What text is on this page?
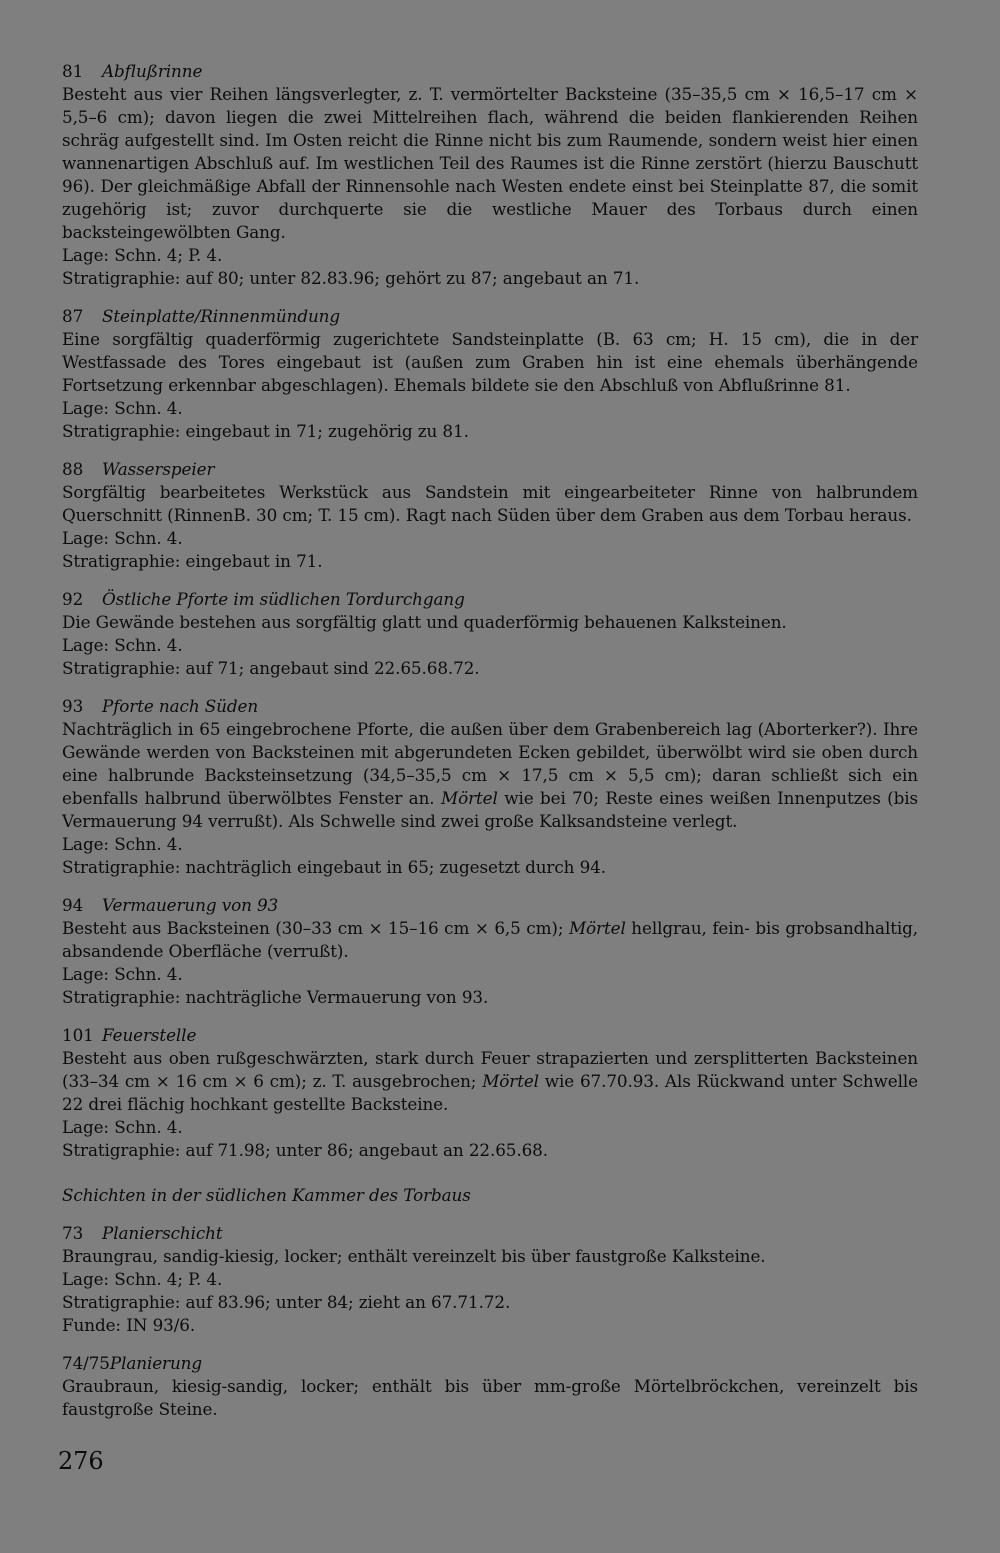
81	Abflußrinne
Besteht aus vier Reihen längsverlegter, z. T. vermörtelter Backsteine (35–35,5 cm × 16,5–17 cm × 5,5–6 cm); davon liegen die zwei Mittelreihen flach, während die beiden flankierenden Reihen schräg aufgestellt sind. Im Osten reicht die Rinne nicht bis zum Raumende, sondern weist hier einen wannenartigen Abschluß auf. Im westlichen Teil des Raumes ist die Rinne zerstört (hierzu Bauschutt 96). Der gleichmäßige Abfall der Rinnensohle nach Westen endete einst bei Steinplatte 87, die somit zugehörig ist; zuvor durchquerte sie die westliche Mauer des Torbaus durch einen backsteingewölbten Gang.
Lage: Schn. 4; P. 4.
Stratigraphie: auf 80; unter 82.83.96; gehört zu 87; angebaut an 71.
87	Steinplatte/Rinnenmündung
Eine sorgfältig quaderförmig zugerichtete Sandsteinplatte (B. 63 cm; H. 15 cm), die in der Westfassade des Tores eingebaut ist (außen zum Graben hin ist eine ehemals überhängende Fortsetzung erkennbar abgeschlagen). Ehemals bildete sie den Abschluß von Abflußrinne 81.
Lage: Schn. 4.
Stratigraphie: eingebaut in 71; zugehörig zu 81.
88	Wasserspeier
Sorgfältig bearbeitetes Werkstück aus Sandstein mit eingearbeiteter Rinne von halbrundem Querschnitt (RinnenB. 30 cm; T. 15 cm). Ragt nach Süden über dem Graben aus dem Torbau heraus.
Lage: Schn. 4.
Stratigraphie: eingebaut in 71.
92	Östliche Pforte im südlichen Tordurchgang
Die Gewände bestehen aus sorgfältig glatt und quaderförmig behauenen Kalksteinen.
Lage: Schn. 4.
Stratigraphie: auf 71; angebaut sind 22.65.68.72.
93	Pforte nach Süden
Nachträglich in 65 eingebrochene Pforte, die außen über dem Grabenbereich lag (Aborterker?). Ihre Gewände werden von Backsteinen mit abgerundeten Ecken gebildet, überwölbt wird sie oben durch eine halbrunde Backsteinsetzung (34,5–35,5 cm × 17,5 cm × 5,5 cm); daran schließt sich ein ebenfalls halbrund überwölbtes Fenster an. Mörtel wie bei 70; Reste eines weißen Innenputzes (bis Vermauerung 94 verrußt). Als Schwelle sind zwei große Kalksandsteine verlegt.
Lage: Schn. 4.
Stratigraphie: nachträglich eingebaut in 65; zugesetzt durch 94.
94	Vermauerung von 93
Besteht aus Backsteinen (30–33 cm × 15–16 cm × 6,5 cm); Mörtel hellgrau, fein- bis grobsandhaltig, absandende Oberfläche (verrußt).
Lage: Schn. 4.
Stratigraphie: nachträgliche Vermauerung von 93.
101 Feuerstelle
Besteht aus oben rußgeschwärzten, stark durch Feuer strapazierten und zersplitterten Backsteinen (33–34 cm × 16 cm × 6 cm); z. T. ausgebrochen; Mörtel wie 67.70.93. Als Rückwand unter Schwelle 22 drei flächig hochkant gestellte Backsteine.
Lage: Schn. 4.
Stratigraphie: auf 71.98; unter 86; angebaut an 22.65.68.
Schichten in der südlichen Kammer des Torbaus
73	Planierschicht
Braungrau, sandig-kiesig, locker; enthält vereinzelt bis über faustgroße Kalksteine.
Lage: Schn. 4; P. 4.
Stratigraphie: auf 83.96; unter 84; zieht an 67.71.72.
Funde: IN 93/6.
74/75 Planierung
Graubraun, kiesig-sandig, locker; enthält bis über mm-große Mörtelbröckchen, vereinzelt bis faustgroße Steine.
276
